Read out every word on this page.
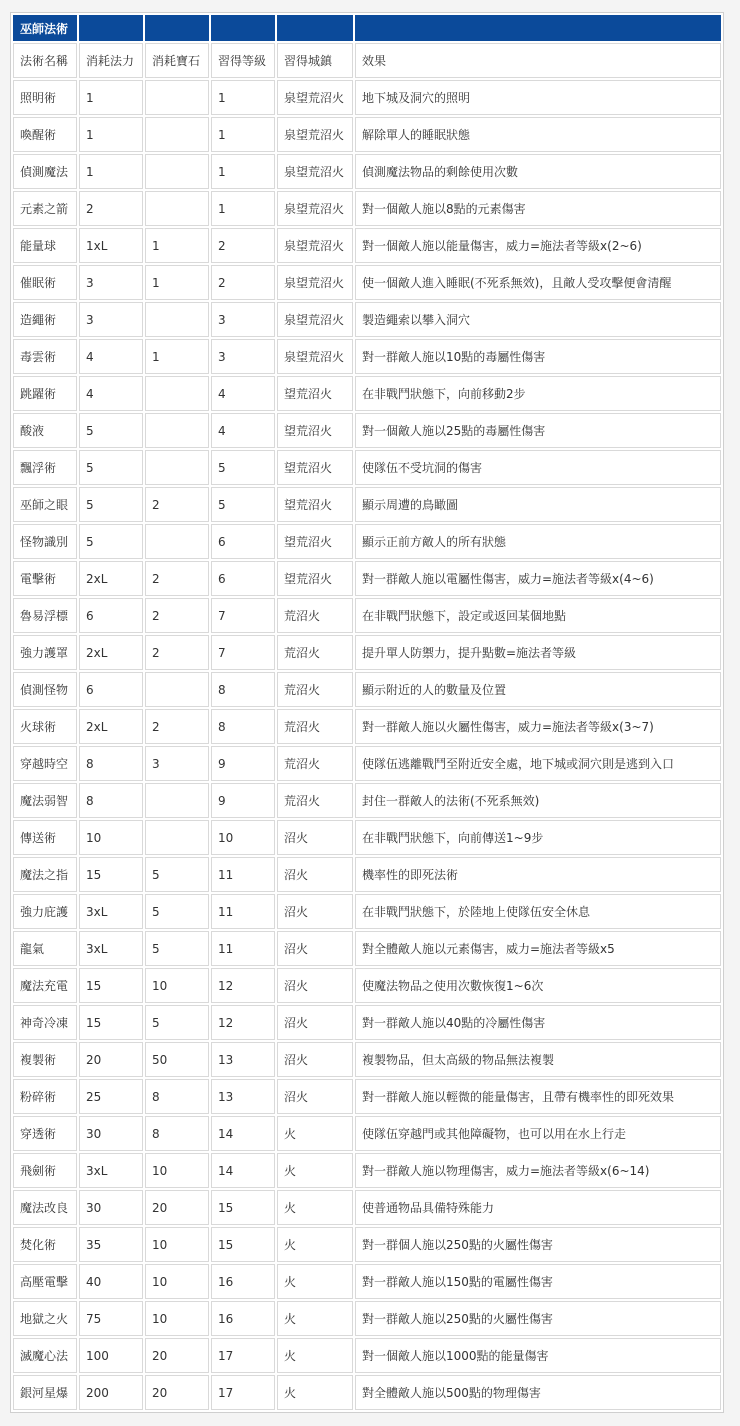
巫師法術					
法術名稱	消耗法力	消耗寶石	習得等級	習得城鎮	效果
照明術	1		1	泉望荒沼火	地下城及洞穴的照明
喚醒術	1		1	泉望荒沼火	解除單人的睡眠狀態
偵測魔法	1		1	泉望荒沼火	偵測魔法物品的剩餘使用次數
元素之箭	2		1	泉望荒沼火	對一個敵人施以8點的元素傷害
能量球	1xL	1	2	泉望荒沼火	對一個敵人施以能量傷害，威力=施法者等級x(2~6)
催眠術	3	1	2	泉望荒沼火	使一個敵人進入睡眠(不死系無效)，且敵人受攻擊便會清醒
造繩術	3		3	泉望荒沼火	製造繩索以攀入洞穴
毒雲術	4	1	3	泉望荒沼火	對一群敵人施以10點的毒屬性傷害
跳躍術	4		4	望荒沼火	在非戰鬥狀態下，向前移動2步
酸液	5		4	望荒沼火	對一個敵人施以25點的毒屬性傷害
飄浮術	5		5	望荒沼火	使隊伍不受坑洞的傷害
巫師之眼	5	2	5	望荒沼火	顯示周遭的鳥瞰圖
怪物識別	5		6	望荒沼火	顯示正前方敵人的所有狀態
電擊術	2xL	2	6	望荒沼火	對一群敵人施以電屬性傷害，威力=施法者等級x(4~6)
魯易浮標	6	2	7	荒沼火	在非戰鬥狀態下，設定或返回某個地點
強力護罩	2xL	2	7	荒沼火	提升單人防禦力，提升點數=施法者等級
偵測怪物	6		8	荒沼火	顯示附近的人的數量及位置
火球術	2xL	2	8	荒沼火	對一群敵人施以火屬性傷害，威力=施法者等級x(3~7)
穿越時空	8	3	9	荒沼火	使隊伍逃離戰鬥至附近安全處，地下城或洞穴則是逃到入口
魔法弱智	8		9	荒沼火	封住一群敵人的法術(不死系無效)
傳送術	10		10	沼火	在非戰鬥狀態下，向前傳送1~9步
魔法之指	15	5	11	沼火	機率性的即死法術
強力庇護	3xL	5	11	沼火	在非戰鬥狀態下，於陸地上使隊伍安全休息
龍氣	3xL	5	11	沼火	對全體敵人施以元素傷害，威力=施法者等級x5
魔法充電	15	10	12	沼火	使魔法物品之使用次數恢復1~6次
神奇冷凍	15	5	12	沼火	對一群敵人施以40點的冷屬性傷害
複製術	20	50	13	沼火	複製物品，但太高級的物品無法複製
粉碎術	25	8	13	沼火	對一群敵人施以輕微的能量傷害，且帶有機率性的即死效果
穿透術	30	8	14	火	使隊伍穿越門或其他障礙物，也可以用在水上行走
飛劍術	3xL	10	14	火	對一群敵人施以物理傷害，威力=施法者等級x(6~14)
魔法改良	30	20	15	火	使普通物品具備特殊能力
焚化術	35	10	15	火	對一群個人施以250點的火屬性傷害
高壓電擊	40	10	16	火	對一群敵人施以150點的電屬性傷害
地獄之火	75	10	16	火	對一群敵人施以250點的火屬性傷害
滅魔心法	100	20	17	火	對一個敵人施以1000點的能量傷害
銀河星爆	200	20	17	火	對全體敵人施以500點的物理傷害
